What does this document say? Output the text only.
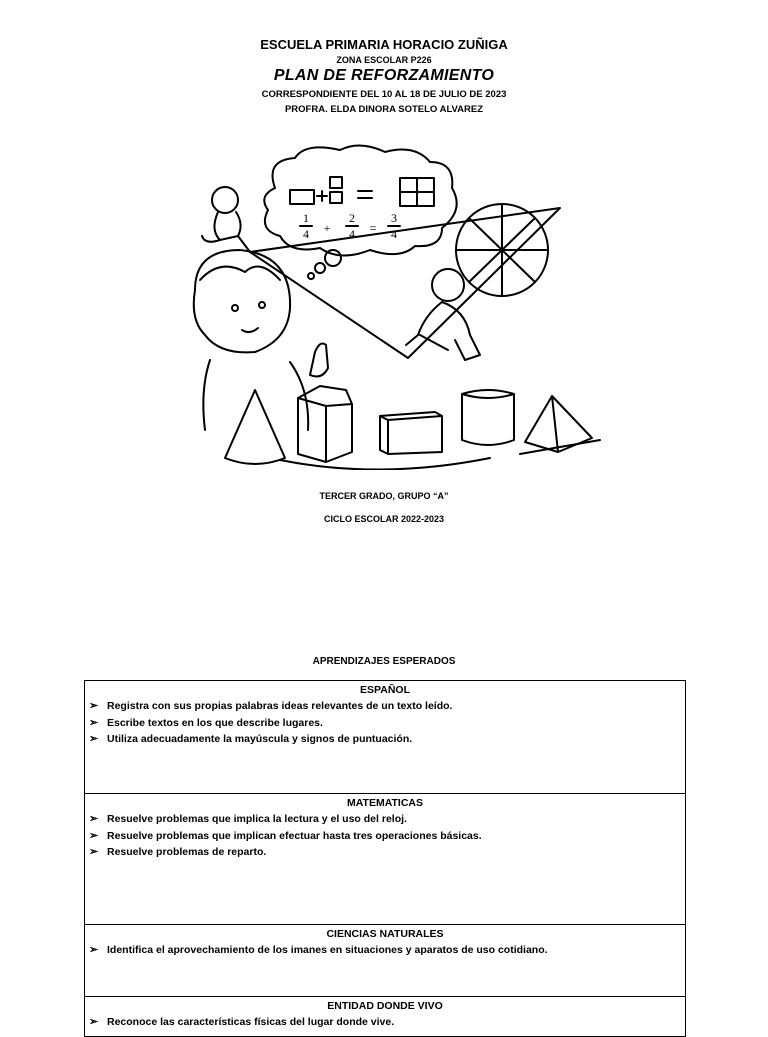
ESCUELA PRIMARIA HORACIO ZUÑIGA
ZONA ESCOLAR P226
PLAN DE REFORZAMIENTO
CORRESPONDIENTE DEL 10 AL 18 DE JULIO DE 2023
PROFRA. ELDA DINORA SOTELO ALVAREZ
1
4 +
2
4 =
3
4
TERCER GRADO, GRUPO “A”
CICLO ESCOLAR 2022-2023
APRENDIZAJES ESPERADOS
ESPAÑOL
➢ Registra con sus propias palabras ideas relevantes de un texto leído.
➢ Escribe textos en los que describe lugares.
➢ Utiliza adecuadamente la mayúscula y signos de puntuación.
MATEMATICAS
➢ Resuelve problemas que implica la lectura y el uso del reloj.
➢ Resuelve problemas que implican efectuar hasta tres operaciones básicas.
➢ Resuelve problemas de reparto.
CIENCIAS NATURALES
➢ Identifica el aprovechamiento de los imanes en situaciones y aparatos de uso cotidiano.
ENTIDAD DONDE VIVO
➢ Reconoce las características físicas del lugar donde vive.
